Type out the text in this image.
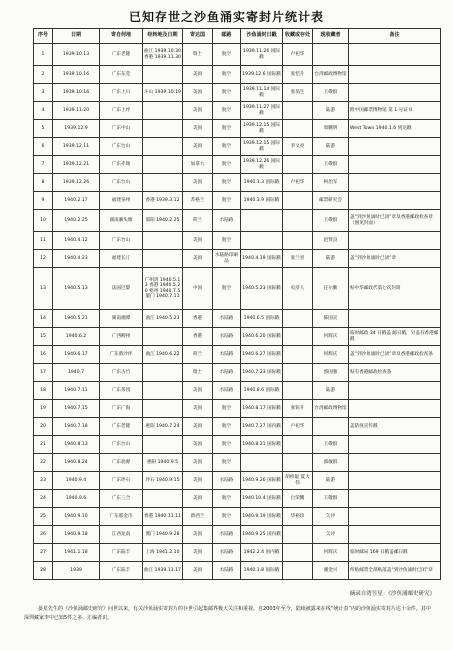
已知存世之沙鱼涌实寄封片统计表
序号	日期	寄自何地	经转地及日期	寄达国	邮路	沙鱼涌封日戳	收藏或存处	现收藏者	备注
1	1939.10.13	广东老隆	曲江 1939.10.30 香港 1939.11.30	瑞士	航空	1939.11.26 国际戳	卢祀华		
2	1939.10.16	广东东莞		美国	航空	1939.12.6 国际戳	张恺升	台湾邮政博物馆	
3	1939.10.16	广东上川	斗山 1939.10.19	美国	航空	1939.11.14 国际戳	张翁生	王敬群	
4	1939.11.20	广东上坪		美国	航空	1939.11.27 国际戳		陆游	附中国邮票博物馆 第 1 号证书
5	1939.12.9	广东中山		美国	航空	1939.12.15 国际戳		周鹏明	West Town 1940.1.6 到达戳
6	1939.12.11	广东台山		美国	航空	1939.12.15 国际戳	李文亮	陆游	
7	1939.12.21	广东赤坳		加拿大	航空	1939.12.26 国际戳		王敬群	
8	1939.12.26	广东台山		美国	航空	1940.1.3 国际戳	卢祀华	柯治军	
9	1940.2.17	福建泉州	香港 1939.3.12	苏格兰	航空	1940.3.9 国际戳		邮票研究会	
10	1940.2.25	湖南湘头塘	邵阳 1940.2.25	荷兰	水陆路			王敬群	盖“到沙鱼涌时已闭”章及香港邮政检查章（图见封面）
11	1940.4.12	广东台山		美国	航空			赵贤良	
12	1940.4.23	福建长汀		美国	水陆路印刷品	1940.4.19 国际戳	张兰青	陆游	盖“到沙鱼涌时已闭”章
13	1940.5.13	法国巴黎	广州湾 1940.5.13 香港 1940.5.20 梧州 1940.7.5 厦门 1940.7.11	中国	航空	1940.5.23 国际戳	史济人	任尔勤	贴中华邮政代第七次封筒
14	1940.5.21	湖南湘潭	曲江 1940.5.23	香港	水陆路	1940.6.5 国际戳		陈国宣	
15	1940.6.2	广西柳州		香港	水陆路	1940.6.20 国际戳		何辉庆	临时邮政 34 日戳盖 邮日戳，另盖有香港邮戳
16	1940.6.17	广东新沙坪	曲江 1940.6.22	荷兰	水陆路	1940.6.27 国际戳		何辉庆	盖“到沙鱼涌时已闭”章及香港邮政检查条
17	1940.7	广东古竹		瑞士	水陆路	1940.7.23 国际戳		郭国强	贴有香港邮政检查条
18	1940.7.11	广东茶园		美国	水陆路	1940.8.6 国际戳		陆游	
19	1940.7.15	广东广海		美国	航空	1940.8.17 国际戳	张钮升	台湾邮政博物馆	
20	1940.7.18	广东老隆	惠阳 1940.7.24	美国	航空	1940.7.27 国内戳	卢祀华		盖防疫宣传戳
21	1940.8.13	广东台山		美国	航空	1940.8.21 国际戳		王敬群	
22	1940.8.24	广东翁源	惠阳 1940.9.5	美国	航空			邵敏群	
23	1940.9.4	广东坪石	坪石 1940.9.15	美国	水陆路	1940.9.26 国际戳	胡织锟 夏大伟	陆游	
24	1940.9.6	广东三合		美国	航空	1940.10.4 国际戳	白荣鹏	王敬群	
25	1940.9.10	广东那金市	香港 1940.11.11	新西兰	航空	1940.9.19 国际戳	华裕珍	欠评	
26	1940.9.18	江西龙南	澳门 1940.9.28	美国	水陆路	1940.9.25 国内戳		欠评	
27	1941.1.18	广东陆丰	上海 1941.2.10	美国	水陆路	1942.2.4 国内戳		何辉庆	临时邮局 169 日戳盖邮日戳
28	1939	广东陆丰	曲江 1939.11.17	美国	水陆路	1940.1.8 国际戳		潘金兴	所贴邮票全部贴落盖“到沙鱼涌时已闭”章
摘录自湾昱星：《沙鱼涌邮史研究》
晏星先生的《沙鱼涌邮史研究》问世以来，有关沙鱼涌实寄封片的存世引起集邮界极大关注和重视。自2003年至今，陆续被露来在线“统计表”内的沙鱼涌实寄封片达十余件，其中深圳藏家李中已知5件之多。汇编者识。
